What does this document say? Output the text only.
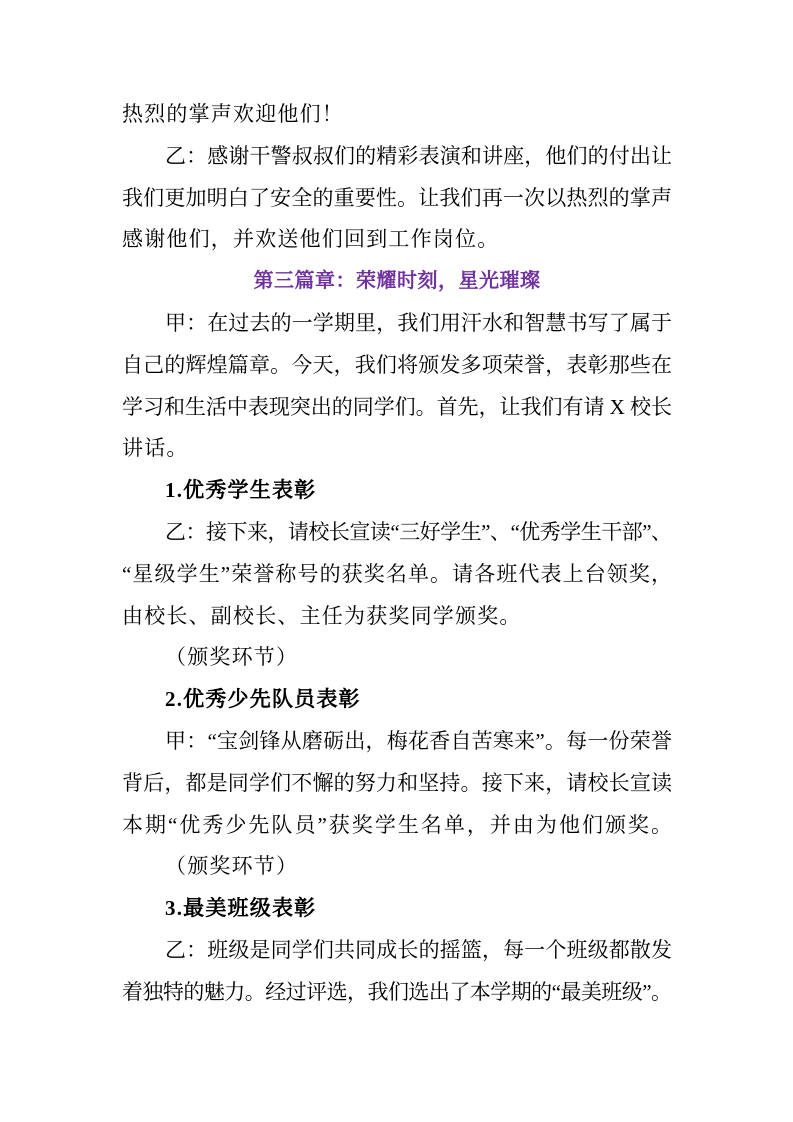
热烈的掌声欢迎他们！
乙：感谢干警叔叔们的精彩表演和讲座，他们的付出让
我们更加明白了安全的重要性。让我们再一次以热烈的掌声
感谢他们，并欢送他们回到工作岗位。
第三篇章：荣耀时刻，星光璀璨
甲：在过去的一学期里，我们用汗水和智慧书写了属于
自己的辉煌篇章。今天，我们将颁发多项荣誉，表彰那些在
学习和生活中表现突出的同学们。首先，让我们有请 X 校长
讲话。
1.优秀学生表彰
乙：接下来，请校长宣读“三好学生”、“优秀学生干部”、
“星级学生”荣誉称号的获奖名单。请各班代表上台领奖，
由校长、副校长、主任为获奖同学颁奖。
（颁奖环节）
2.优秀少先队员表彰
甲：“宝剑锋从磨砺出，梅花香自苦寒来”。每一份荣誉
背后，都是同学们不懈的努力和坚持。接下来，请校长宣读
本期“优秀少先队员”获奖学生名单，并由为他们颁奖。
（颁奖环节）
3.最美班级表彰
乙：班级是同学们共同成长的摇篮，每一个班级都散发
着独特的魅力。经过评选，我们选出了本学期的“最美班级”。
